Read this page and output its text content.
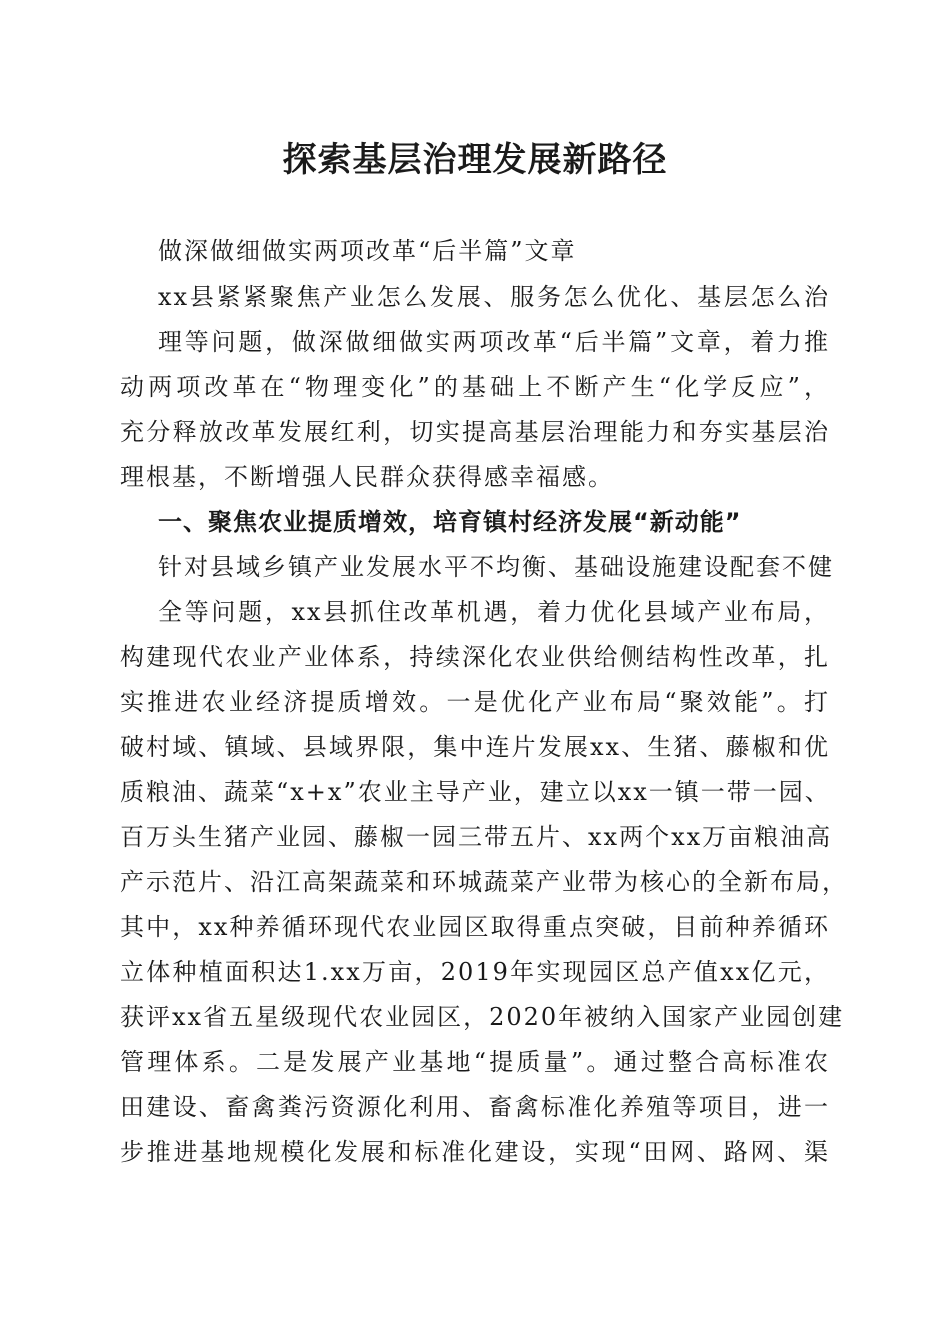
探索基层治理发展新路径
做深做细做实两项改革“后半篇”文章
xx县紧紧聚焦产业怎么发展、服务怎么优化、基层怎么治
理等问题，做深做细做实两项改革“后半篇”文章，着力推
动两项改革在“物理变化”的基础上不断产生“化学反应”，
充分释放改革发展红利，切实提高基层治理能力和夯实基层治
理根基，不断增强人民群众获得感幸福感。
一、聚焦农业提质增效，培育镇村经济发展“新动能”
针对县域乡镇产业发展水平不均衡、基础设施建设配套不健
全等问题，xx县抓住改革机遇，着力优化县域产业布局，
构建现代农业产业体系，持续深化农业供给侧结构性改革，扎
实推进农业经济提质增效。一是优化产业布局“聚效能”。打
破村域、镇域、县域界限，集中连片发展xx、生猪、藤椒和优
质粮油、蔬菜“x+x”农业主导产业，建立以xx一镇一带一园、
百万头生猪产业园、藤椒一园三带五片、xx两个xx万亩粮油高
产示范片、沿江高架蔬菜和环城蔬菜产业带为核心的全新布局，
其中，xx种养循环现代农业园区取得重点突破，目前种养循环
立体种植面积达1.xx万亩，2019年实现园区总产值xx亿元，
获评xx省五星级现代农业园区，2020年被纳入国家产业园创建
管理体系。二是发展产业基地“提质量”。通过整合高标准农
田建设、畜禽粪污资源化利用、畜禽标准化养殖等项目，进一
步推进基地规模化发展和标准化建设，实现“田网、路网、渠
